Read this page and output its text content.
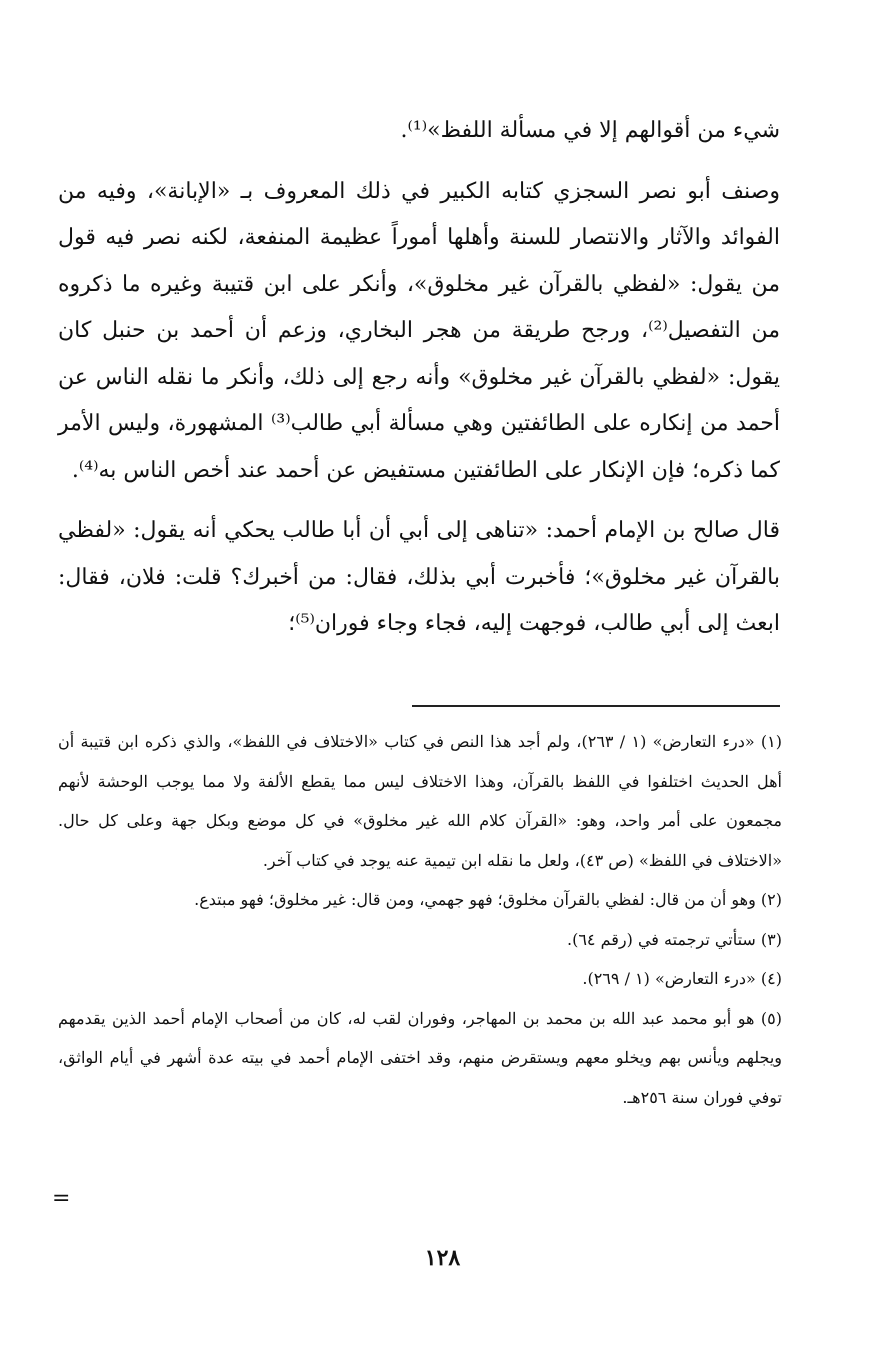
شيء من أقوالهم إلا في مسألة اللفظ»⁽¹⁾.

وصنف أبو نصر السجزي كتابه الكبير في ذلك المعروف بـ «الإبانة»، وفيه من الفوائد والآثار والانتصار للسنة وأهلها أموراً عظيمة المنفعة، لكنه نصر فيه قول من يقول: «لفظي بالقرآن غير مخلوق»، وأنكر على ابن قتيبة وغيره ما ذكروه من التفصيل⁽²⁾، ورجح طريقة من هجر البخاري، وزعم أن أحمد بن حنبل كان يقول: «لفظي بالقرآن غير مخلوق» وأنه رجع إلى ذلك، وأنكر ما نقله الناس عن أحمد من إنكاره على الطائفتين وهي مسألة أبي طالب⁽³⁾ المشهورة، وليس الأمر كما ذكره؛ فإن الإنكار على الطائفتين مستفيض عن أحمد عند أخص الناس به⁽⁴⁾.

قال صالح بن الإمام أحمد: «تناهى إلى أبي أن أبا طالب يحكي أنه يقول: «لفظي بالقرآن غير مخلوق»؛ فأخبرت أبي بذلك، فقال: من أخبرك؟ قلت: فلان، فقال: ابعث إلى أبي طالب، فوجهت إليه، فجاء وجاء فوران⁽⁵⁾؛

(١) «درء التعارض» (١ / ٢٦٣)، ولم أجد هذا النص في كتاب «الاختلاف في اللفظ»، والذي ذكره ابن قتيبة أن أهل الحديث اختلفوا في اللفظ بالقرآن، وهذا الاختلاف ليس مما يقطع الألفة ولا مما يوجب الوحشة لأنهم مجمعون على أمر واحد، وهو: «القرآن كلام الله غير مخلوق» في كل موضع وبكل جهة وعلى كل حال. «الاختلاف في اللفظ» (ص ٤٣)، ولعل ما نقله ابن تيمية عنه يوجد في كتاب آخر.

(٢) وهو أن من قال: لفظي بالقرآن مخلوق؛ فهو جهمي، ومن قال: غير مخلوق؛ فهو مبتدع.

(٣) ستأتي ترجمته في (رقم ٦٤).

(٤) «درء التعارض» (١ / ٢٦٩).

(٥) هو أبو محمد عبد الله بن محمد بن المهاجر، وفوران لقب له، كان من أصحاب الإمام أحمد الذين يقدمهم ويجلهم ويأنس بهم ويخلو معهم ويستقرض منهم، وقد اختفى الإمام أحمد في بيته عدة أشهر في أيام الواثق، توفي فوران سنة ٢٥٦هـ.

=
١٢٨
